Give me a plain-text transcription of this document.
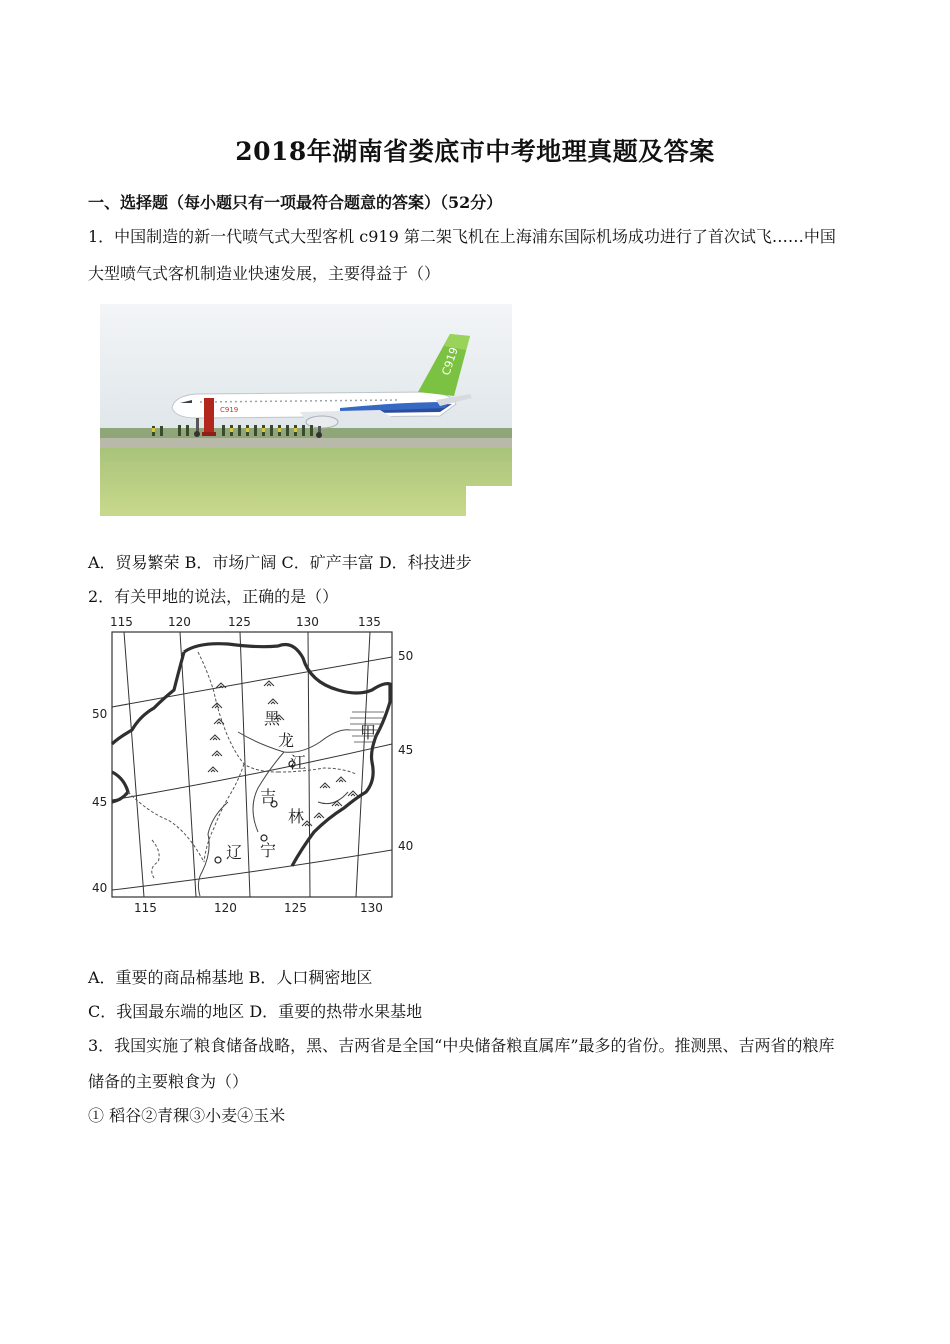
2018年湖南省娄底市中考地理真题及答案
一、选择题（每小题只有一项最符合题意的答案）（52分）
1．中国制造的新一代喷气式大型客机 c919 第二架飞机在上海浦东国际机场成功进行了首次试飞……中国
大型喷气式客机制造业快速发展，主要得益于（）
C919
C919
A．贸易繁荣 B．市场广阔 C．矿产丰富 D．科技进步
2．有关甲地的说法，正确的是（）
115	120	125	130	135
115	120	125	130
50
45
40
50
45
40
黑
龙
江
甲
吉
林
辽 宁
A．重要的商品棉基地 B．人口稠密地区
C．我国最东端的地区 D．重要的热带水果基地
3．我国实施了粮食储备战略，黑、吉两省是全国“中央储备粮直属库”最多的省份。推测黑、吉两省的粮库
储备的主要粮食为（）
① 稻谷②青稞③小麦④玉米
